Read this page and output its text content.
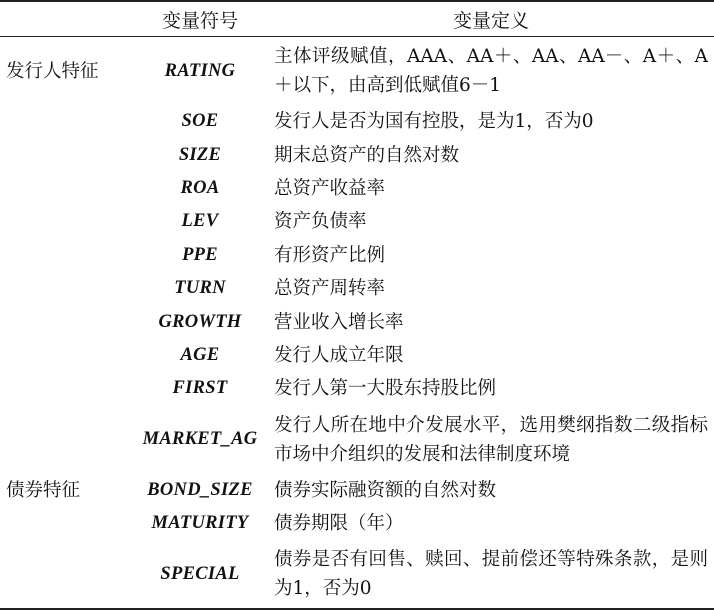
	变量符号	变量定义
发行人特征	RATING	主体评级赋值，AAA、AA＋、AA、AA－、A＋、A＋以下，由高到低赋值6－1
	SOE	发行人是否为国有控股，是为1，否为0
	SIZE	期末总资产的自然对数
	ROA	总资产收益率
	LEV	资产负债率
	PPE	有形资产比例
	TURN	总资产周转率
	GROWTH	营业收入增长率
	AGE	发行人成立年限
	FIRST	发行人第一大股东持股比例
	MARKET_AG	发行人所在地中介发展水平，选用樊纲指数二级指标市场中介组织的发展和法律制度环境
债券特征	BOND_SIZE	债券实际融资额的自然对数
	MATURITY	债券期限（年）
	SPECIAL	债券是否有回售、赎回、提前偿还等特殊条款，是则为1，否为0
